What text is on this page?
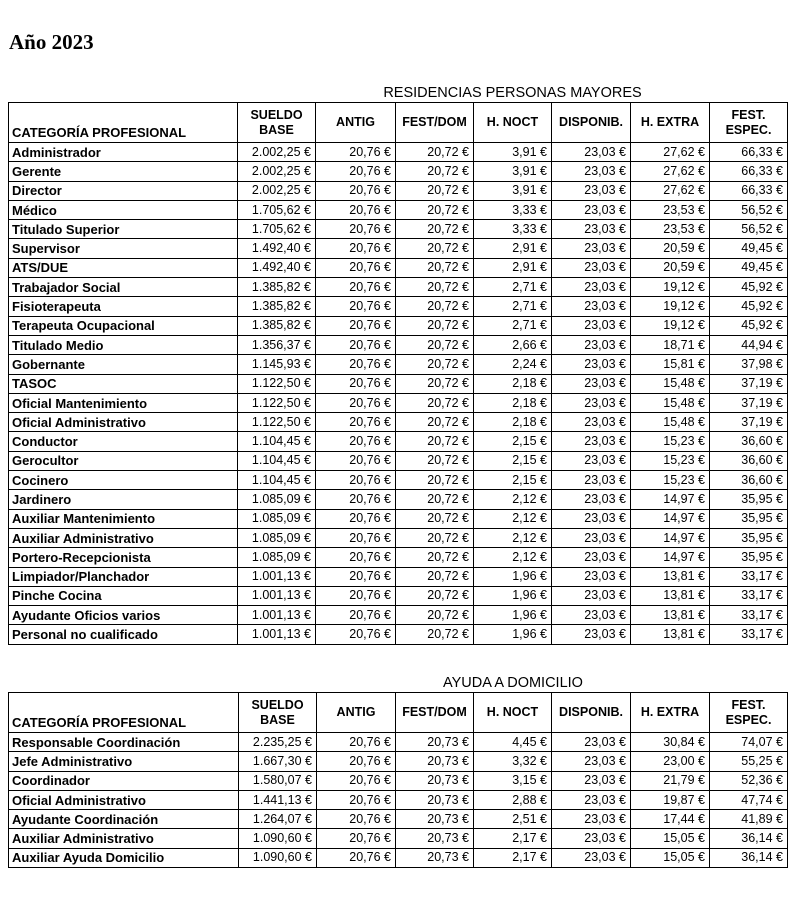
Año 2023
	RESIDENCIAS PERSONAS MAYORES						
CATEGORÍA PROFESIONAL	SUELDO BASE	ANTIG	FEST/DOM	H. NOCT	DISPONIB.	H. EXTRA	FEST. ESPEC.
Administrador	2.002,25 €	20,76 €	20,72 €	3,91 €	23,03 €	27,62 €	66,33 €
Gerente	2.002,25 €	20,76 €	20,72 €	3,91 €	23,03 €	27,62 €	66,33 €
Director	2.002,25 €	20,76 €	20,72 €	3,91 €	23,03 €	27,62 €	66,33 €
Médico	1.705,62 €	20,76 €	20,72 €	3,33 €	23,03 €	23,53 €	56,52 €
Titulado Superior	1.705,62 €	20,76 €	20,72 €	3,33 €	23,03 €	23,53 €	56,52 €
Supervisor	1.492,40 €	20,76 €	20,72 €	2,91 €	23,03 €	20,59 €	49,45 €
ATS/DUE	1.492,40 €	20,76 €	20,72 €	2,91 €	23,03 €	20,59 €	49,45 €
Trabajador Social	1.385,82 €	20,76 €	20,72 €	2,71 €	23,03 €	19,12 €	45,92 €
Fisioterapeuta	1.385,82 €	20,76 €	20,72 €	2,71 €	23,03 €	19,12 €	45,92 €
Terapeuta Ocupacional	1.385,82 €	20,76 €	20,72 €	2,71 €	23,03 €	19,12 €	45,92 €
Titulado Medio	1.356,37 €	20,76 €	20,72 €	2,66 €	23,03 €	18,71 €	44,94 €
Gobernante	1.145,93 €	20,76 €	20,72 €	2,24 €	23,03 €	15,81 €	37,98 €
TASOC	1.122,50 €	20,76 €	20,72 €	2,18 €	23,03 €	15,48 €	37,19 €
Oficial Mantenimiento	1.122,50 €	20,76 €	20,72 €	2,18 €	23,03 €	15,48 €	37,19 €
Oficial Administrativo	1.122,50 €	20,76 €	20,72 €	2,18 €	23,03 €	15,48 €	37,19 €
Conductor	1.104,45 €	20,76 €	20,72 €	2,15 €	23,03 €	15,23 €	36,60 €
Gerocultor	1.104,45 €	20,76 €	20,72 €	2,15 €	23,03 €	15,23 €	36,60 €
Cocinero	1.104,45 €	20,76 €	20,72 €	2,15 €	23,03 €	15,23 €	36,60 €
Jardinero	1.085,09 €	20,76 €	20,72 €	2,12 €	23,03 €	14,97 €	35,95 €
Auxiliar Mantenimiento	1.085,09 €	20,76 €	20,72 €	2,12 €	23,03 €	14,97 €	35,95 €
Auxiliar Administrativo	1.085,09 €	20,76 €	20,72 €	2,12 €	23,03 €	14,97 €	35,95 €
Portero-Recepcionista	1.085,09 €	20,76 €	20,72 €	2,12 €	23,03 €	14,97 €	35,95 €
Limpiador/Planchador	1.001,13 €	20,76 €	20,72 €	1,96 €	23,03 €	13,81 €	33,17 €
Pinche Cocina	1.001,13 €	20,76 €	20,72 €	1,96 €	23,03 €	13,81 €	33,17 €
Ayudante Oficios varios	1.001,13 €	20,76 €	20,72 €	1,96 €	23,03 €	13,81 €	33,17 €
Personal no cualificado	1.001,13 €	20,76 €	20,72 €	1,96 €	23,03 €	13,81 €	33,17 €
	AYUDA A DOMICILIO						
CATEGORÍA PROFESIONAL	SUELDO BASE	ANTIG	FEST/DOM	H. NOCT	DISPONIB.	H. EXTRA	FEST. ESPEC.
Responsable Coordinación	2.235,25 €	20,76 €	20,73 €	4,45 €	23,03 €	30,84 €	74,07 €
Jefe Administrativo	1.667,30 €	20,76 €	20,73 €	3,32 €	23,03 €	23,00 €	55,25 €
Coordinador	1.580,07 €	20,76 €	20,73 €	3,15 €	23,03 €	21,79 €	52,36 €
Oficial Administrativo	1.441,13 €	20,76 €	20,73 €	2,88 €	23,03 €	19,87 €	47,74 €
Ayudante Coordinación	1.264,07 €	20,76 €	20,73 €	2,51 €	23,03 €	17,44 €	41,89 €
Auxiliar Administrativo	1.090,60 €	20,76 €	20,73 €	2,17 €	23,03 €	15,05 €	36,14 €
Auxiliar Ayuda Domicilio	1.090,60 €	20,76 €	20,73 €	2,17 €	23,03 €	15,05 €	36,14 €
